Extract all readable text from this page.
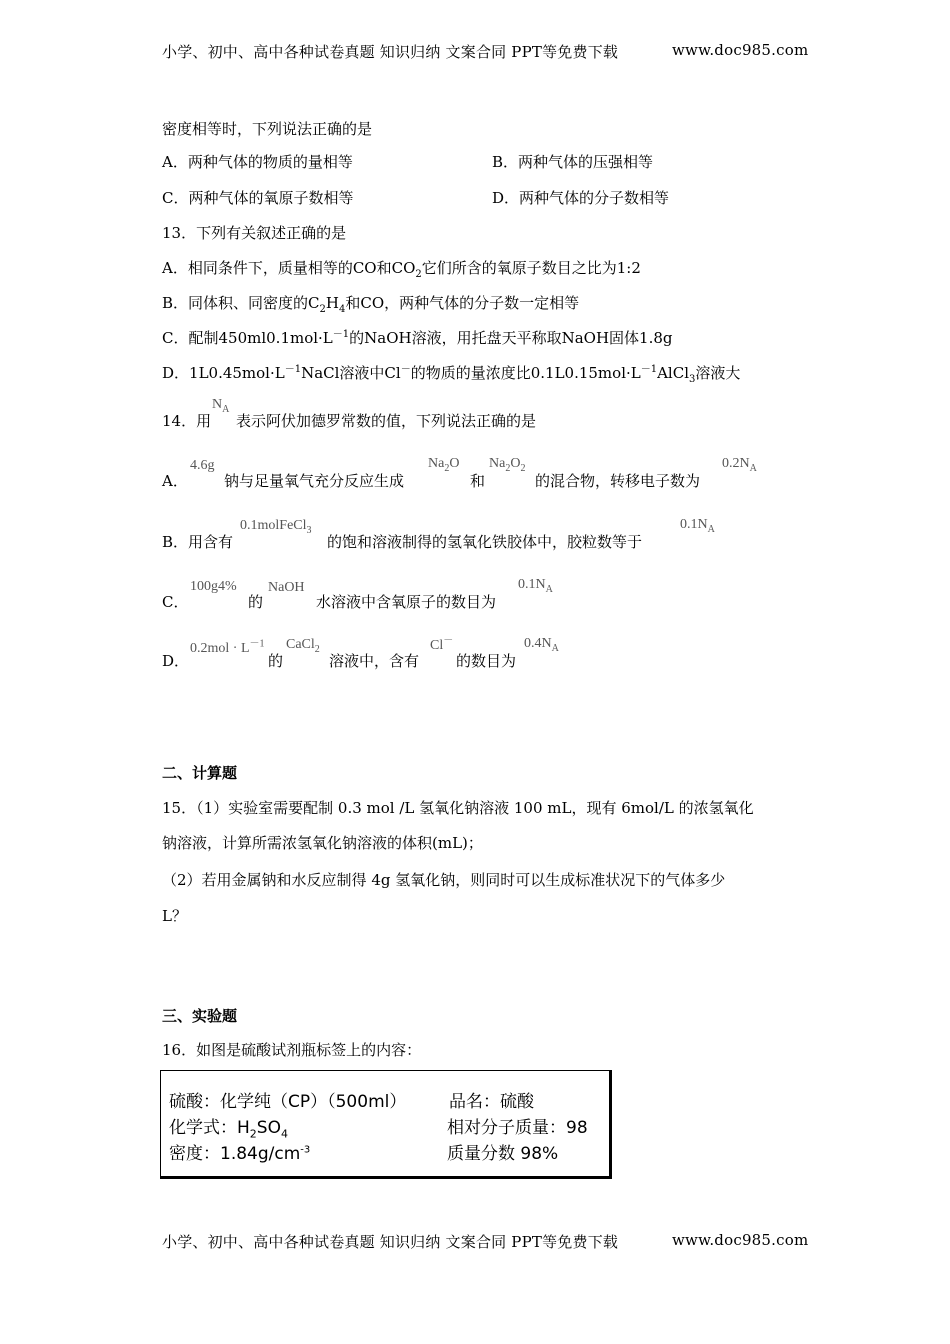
小学、初中、高中各种试卷真题 知识归纳 文案合同 PPT等免费下载	www.doc985.com
密度相等时，下列说法正确的是
A．两种气体的物质的量相等	B．两种气体的压强相等
C．两种气体的氧原子数相等	D．两种气体的分子数相等
13．下列有关叙述正确的是
A．相同条件下，质量相等的CO和$CO_2$它们所含的氧原子数目之比为1:2
B．同体积、同密度的$C_2H_4$和CO，两种气体的分子数一定相等
C．配制$450ml0.1mol\cdot L^{-1}$的NaOH溶液，用托盘天平称取NaOH固体1.8g
D．$1L0.45mol\cdot L^{-1}NaCl$溶液中Cl－的物质的量浓度比$0.1L0.15mol\cdot L^{-1}AlCl_3$溶液大
14．用
$N_A$
表示阿伏加德罗常数的值，下列说法正确的是
A．
4.6g
钠与足量氧气充分反应生成
$Na_2O$
和
$Na_2O_2$
的混合物，转移电子数为
$0.2N_A$
B．用含有
0.1molFeCl$_3$
的饱和溶液制得的氢氧化铁胶体中，胶粒数等于
$0.1N_A$
C．
100g4%
的
NaOH
水溶液中含氧原子的数目为
$0.1N_A$
D．
$0.2mol \cdot L^{-1}$
的
CaCl$_2$
溶液中，含有
Cl－
的数目为
$0.4N_A$
二、计算题
15．（1）实验室需要配制 0.3 mol /L 氢氧化钠溶液 100 mL，现有 6mol/L 的浓氢氧化
钠溶液，计算所需浓氢氧化钠溶液的体积(mL)；
（2）若用金属钠和水反应制得 4g 氢氧化钠，则同时可以生成标准状况下的气体多少
L？
三、实验题
16．如图是硫酸试剂瓶标签上的内容：
硫酸：化学纯（CP）（500ml）	品名：硫酸
化学式：$H_2SO_4$	相对分子质量：98
密度：$1.84g/cm^{-3}$	质量分数 98%
小学、初中、高中各种试卷真题 知识归纳 文案合同 PPT等免费下载	www.doc985.com
